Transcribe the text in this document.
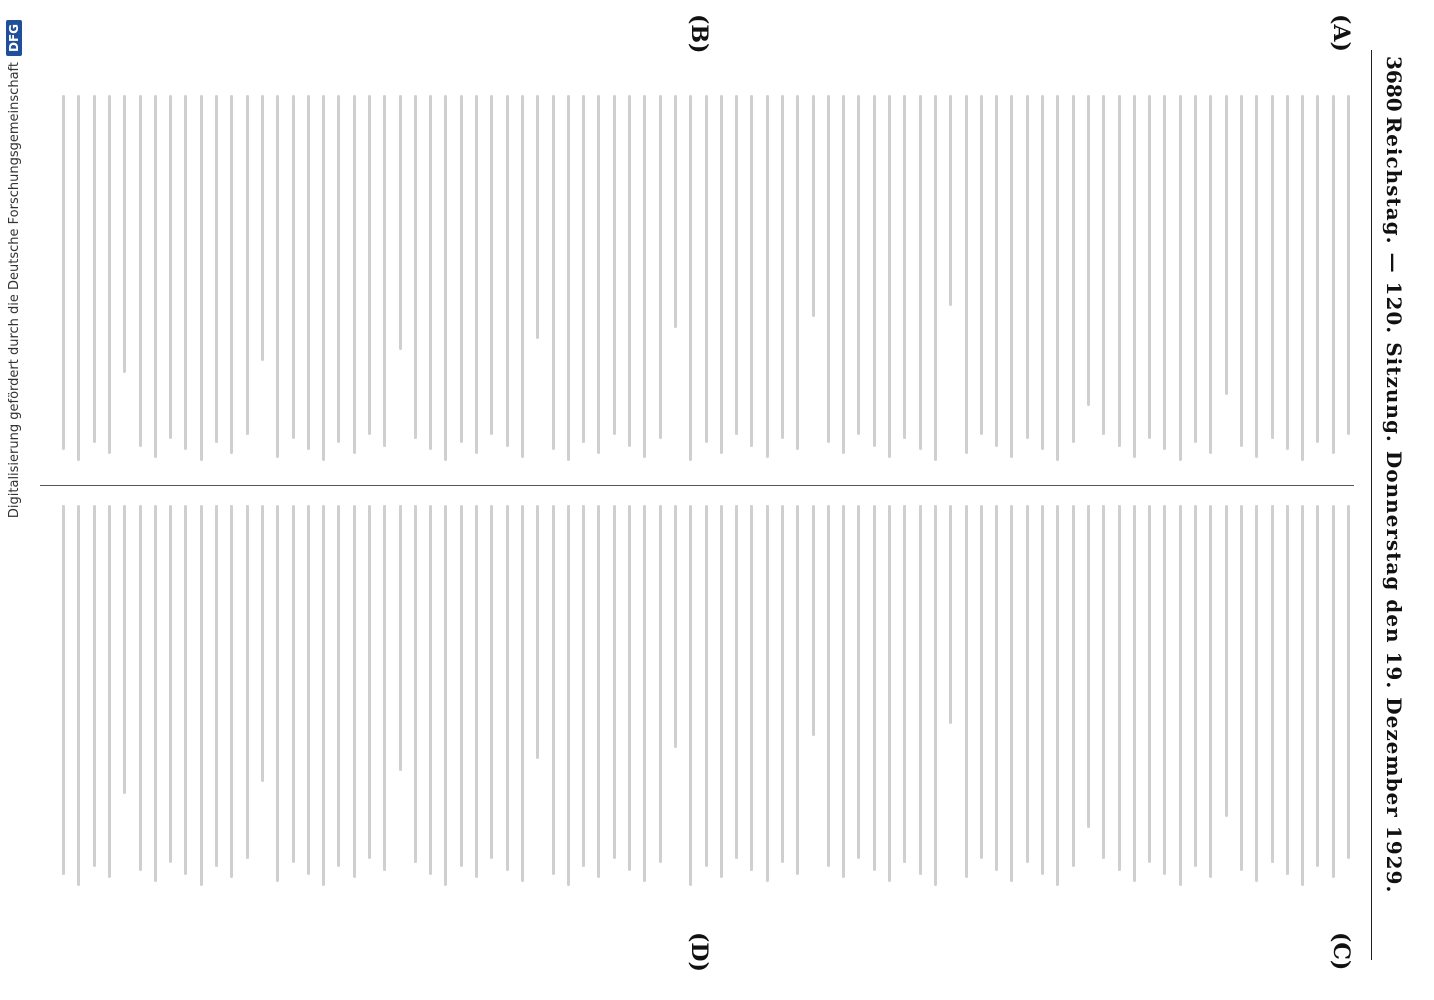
3680
Reichstag. — 120. Sitzung. Donnerstag den 19. Dezember 1929.
(A)
(B)
(C)
(D)
Digitalisierung gefördert durch die Deutsche Forschungsgemeinschaft
DFG
